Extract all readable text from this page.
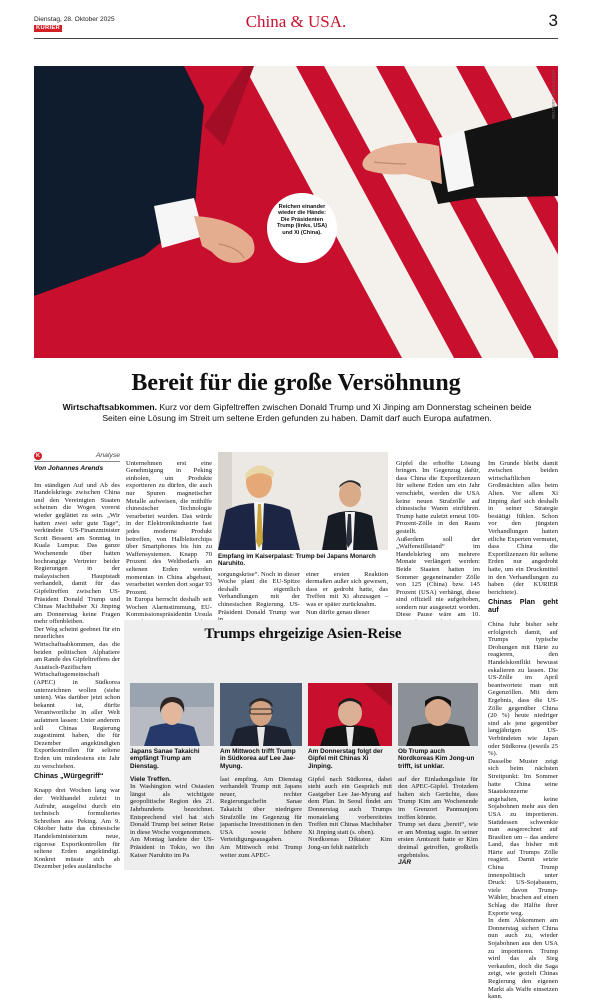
Dienstag, 28. Oktober 2025
KURIER	China & USA.	3
REUTERS / EVAN VUCCI
Reichen einander wieder die Hände: Die Präsidenten Trump (links, USA) und Xi (China).
Bereit für die große Versöhnung
Wirtschaftsabkommen. Kurz vor dem Gipfeltreffen zwischen Donald Trump und Xi Jinping am Donnerstag scheinen beide Seiten eine Lösung im Streit um seltene Erden gefunden zu haben. Damit darf auch Europa aufatmen.
K	Analyse
Von Johannes Arends

Im ständigen Auf und Ab des Handelskriegs zwischen China und den Vereinigten Staaten scheinen die Wogen vorerst wieder geglättet zu sein. „Wir hatten zwei sehr gute Tage“, verkündete US-Finanzminister Scott Bessent am Sonntag in Kuala Lumpur. Das ganze Wochenende über hatten hochrangige Vertreter beider Regierungen in der malaysischen Hauptstadt verhandelt, damit für das Gipfeltreffen zwischen US-Präsident Donald Trump und Chinas Machthaber Xi Jinping am Donnerstag keine Fragen mehr offenbleiben.
Der Weg scheint geebnet für ein neuerliches Wirtschaftsabkommen, das die beiden politischen Alphatiere am Rande des Gipfeltreffens der Asiatisch-Pazifischen Wirtschaftsgemeinschaft (APEC) in Südkorea unterzeichnen wollen (siehe unten). Was darüber jetzt schon bekannt ist, dürfte Verantwortliche in aller Welt aufatmen lassen: Unter anderem soll Chinas Regierung zugestimmt haben, die für Dezember angekündigten Exportkontrollen für seltene Erden um mindestens ein Jahr zu verschieben.

Chinas „Würgegriff“

Knapp drei Wochen lang war der Welthandel zuletzt in Aufruhr, ausgelöst durch ein technisch formuliertes Schreiben aus Peking. Am 9. Oktober hatte das chinesische Handelsministerium neue, rigorose Exportkontrollen für seltene Erden angekündigt. Konkret müsste sich ab Dezember jedes ausländische

Unternehmen erst eine Genehmigung in Peking einholen, um Produkte exportieren zu dürfen, die auch nur Spuren magnetischer Metalle aufweisen, die mithilfe chinesischer Technologie verarbeitet wurden. Das würde in der Elektronikindustrie fast jedes moderne Produkt betreffen, von Halbleiterchips über Smartphones bis hin zu Waffensystemen. Knapp 70 Prozent des Weltbedarfs an seltenen Erden werden momentan in China abgebaut, verarbeitet werden dort sogar 93 Prozent.
In Europa herrscht deshalb seit Wochen Alarmstimmung, EU-Kommissionspräsidentin Ursula

Empfang im Kaiserpalast: Trump bei Japans Monarch Naruhito.

sorgungskrise“. Noch in dieser Woche plant die EU-Spitze deshalb eigentlich Verhandlungen mit der chinesischen Regierung. US-Präsident Donald Trump war

einer ersten Reaktion dermaßen außer sich gewesen, dass er gedroht hatte, das Treffen mit Xi abzusagen – was er später zurücknahm.
Nun dürfte genau dieser

Gipfel die erhoffte Lösung bringen. Im Gegenzug dafür, dass China die Exportlizenzen für seltene Erden um ein Jahr verschiebt, werden die USA keine neuen Strafzölle auf chinesische Waren einführen. Trump hatte zuletzt erneut 100-Prozent-Zölle in den Raum gestellt.
Außerdem soll der „Waffenstillstand“ im Handelskrieg um mehrere Monate verlängert werden: Beide Staaten hatten im Sommer gegeneinander Zölle von 125 (China) bzw. 145 Prozent (USA) verhängt, diese sind offiziell nie aufgehoben, sondern nur ausgesetzt worden. Diese Pause wäre am 10.

Im Grunde bleibt damit zwischen beiden wirtschaftlichen Großmächten alles beim Alten. Vor allem Xi Jinping darf sich deshalb in seiner Strategie bestätigt fühlen. Schon vor den jüngsten Verhandlungen hatten etliche Experten vermutet, dass China die Exportlizenzen für seltene Erden nur angedroht hatte, um ein Druckmittel in den Verhandlungen zu haben (der KURIER berichtete).

Chinas Plan geht auf

China fuhr bisher sehr erfolgreich damit, auf Trumps typische Drohungen mit Härte zu reagieren, den Handelskonflikt bewusst eskalieren zu lassen. Die US-Zölle im April beantwortete man mit Gegenzöllen. Mit dem Ergebnis, dass die US-Zölle gegenüber China (20 %) heute niedriger sind als jene gegenüber langjährigen US-Verbündeten wie Japan oder Südkorea (jeweils 25 %).
Dasselbe Muster zeigt sich beim nächsten Streitpunkt: Im Sommer hatte China seine Staatskonzerne angehalten, keine Sojabohnen mehr aus den USA zu importieren. Stattdessen schwenkte man ausgerechnet auf Brasilien um – das andere Land, das bisher mit Härte auf Trumps Zölle reagiert. Damit setzte China Trump innenpolitisch unter Druck: US-Sojabauern, viele davon Trump-Wähler, brachen auf einen Schlag die Hälfte ihrer Exporte weg.
In dem Abkommen am Donnerstag sichert China nun auch zu, wieder Sojabohnen aus den USA zu importieren. Trump wird das als Sieg verkaufen, doch die Saga zeigt, wie gezielt Chinas Regierung den eigenen Markt als Waffe einsetzen kann.

Trumps ehrgeizige Asien-Reise
Japans Sanae Takaichi empfängt Trump am Dienstag.
Am Mittwoch trifft Trump in Südkorea auf Lee Jae-Myung.
Am Donnerstag folgt der Gipfel mit Chinas Xi Jinping.
Ob Trump auch Nordkoreas Kim Jong-un trifft, ist unklar.

Viele Treffen.
In Washington wird Ostasien längst als wichtigste geopolitische Region des 21. Jahrhunderts bezeichnet. Entsprechend viel hat sich Donald Trump bei seiner Reise in diese Woche vorgenommen.
Am Montag landete der US-Präsident in Tokio, wo ihn Kaiser Naruhito im Pa

last empfing. Am Dienstag verhandelt Trump mit Japans neuer, rechter Regierungschefin Sanae Takaichi über niedrigere Strafzölle im Gegenzug für japanische Investitionen in den USA sowie höhere Verteidigungsausgaben.
Am Mittwoch reist Trump weiter zum APEC-

Gipfel nach Südkorea, dabei steht auch ein Gespräch mit Gastgeber Lee Jae-Myung auf dem Plan. In Seoul findet am Donnerstag auch Trumps monatelang vorbereitetes Treffen mit Chinas Machthaber Xi Jinping statt (s. oben).
Nordkoreas Diktator Kim Jong-un fehlt natürlich

auf der Einladungsliste für den APEC-Gipfel. Trotzdem halten sich Gerüchte, dass Trump Kim am Wochenende im Grenzort Panmunjom treffen könnte.
Trump sei dazu „bereit“, wie er am Montag sagte. In seiner ersten Amtszeit hatte er Kim dreimal getroffen, großteils ergebnislos.
JAR
